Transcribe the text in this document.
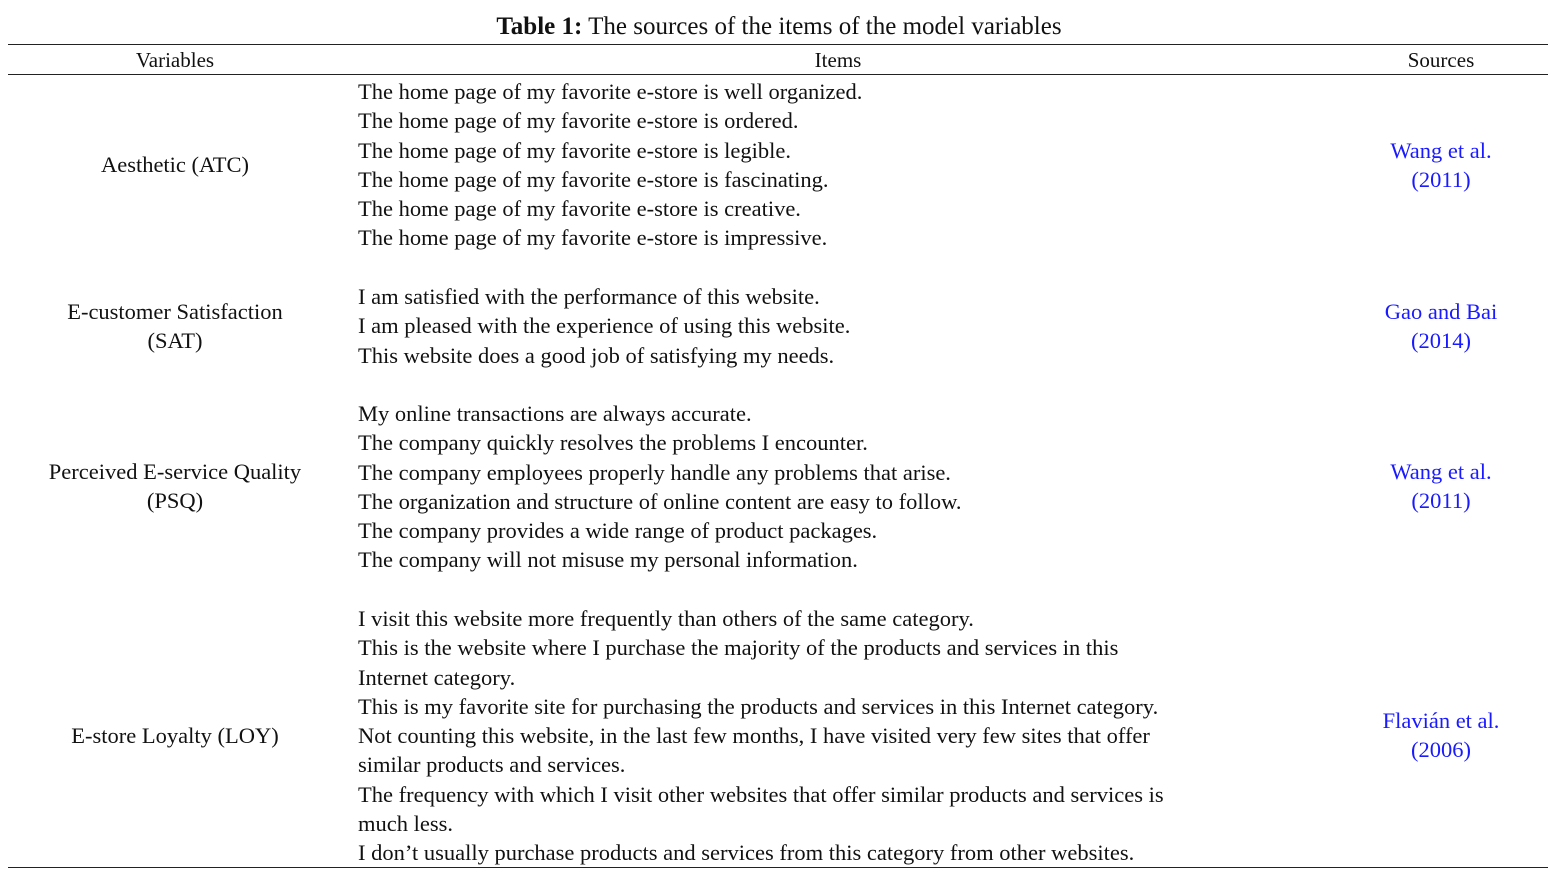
Table 1: The sources of the items of the model variables
Variables	Items	Sources
Aesthetic (ATC)
The home page of my favorite e-store is well organized.
The home page of my favorite e-store is ordered.
The home page of my favorite e-store is legible.
The home page of my favorite e-store is fascinating.
The home page of my favorite e-store is creative.
The home page of my favorite e-store is impressive.
Wang et al.
(2011)
E-customer Satisfaction
(SAT)
I am satisfied with the performance of this website.
I am pleased with the experience of using this website.
This website does a good job of satisfying my needs.
Gao and Bai
(2014)
Perceived E-service Quality
(PSQ)
My online transactions are always accurate.
The company quickly resolves the problems I encounter.
The company employees properly handle any problems that arise.
The organization and structure of online content are easy to follow.
The company provides a wide range of product packages.
The company will not misuse my personal information.
Wang et al.
(2011)
E-store Loyalty (LOY)
I visit this website more frequently than others of the same category.
This is the website where I purchase the majority of the products and services in this
Internet category.
This is my favorite site for purchasing the products and services in this Internet category.
Not counting this website, in the last few months, I have visited very few sites that offer
similar products and services.
The frequency with which I visit other websites that offer similar products and services is
much less.
I don’t usually purchase products and services from this category from other websites.
Flavián et al.
(2006)
